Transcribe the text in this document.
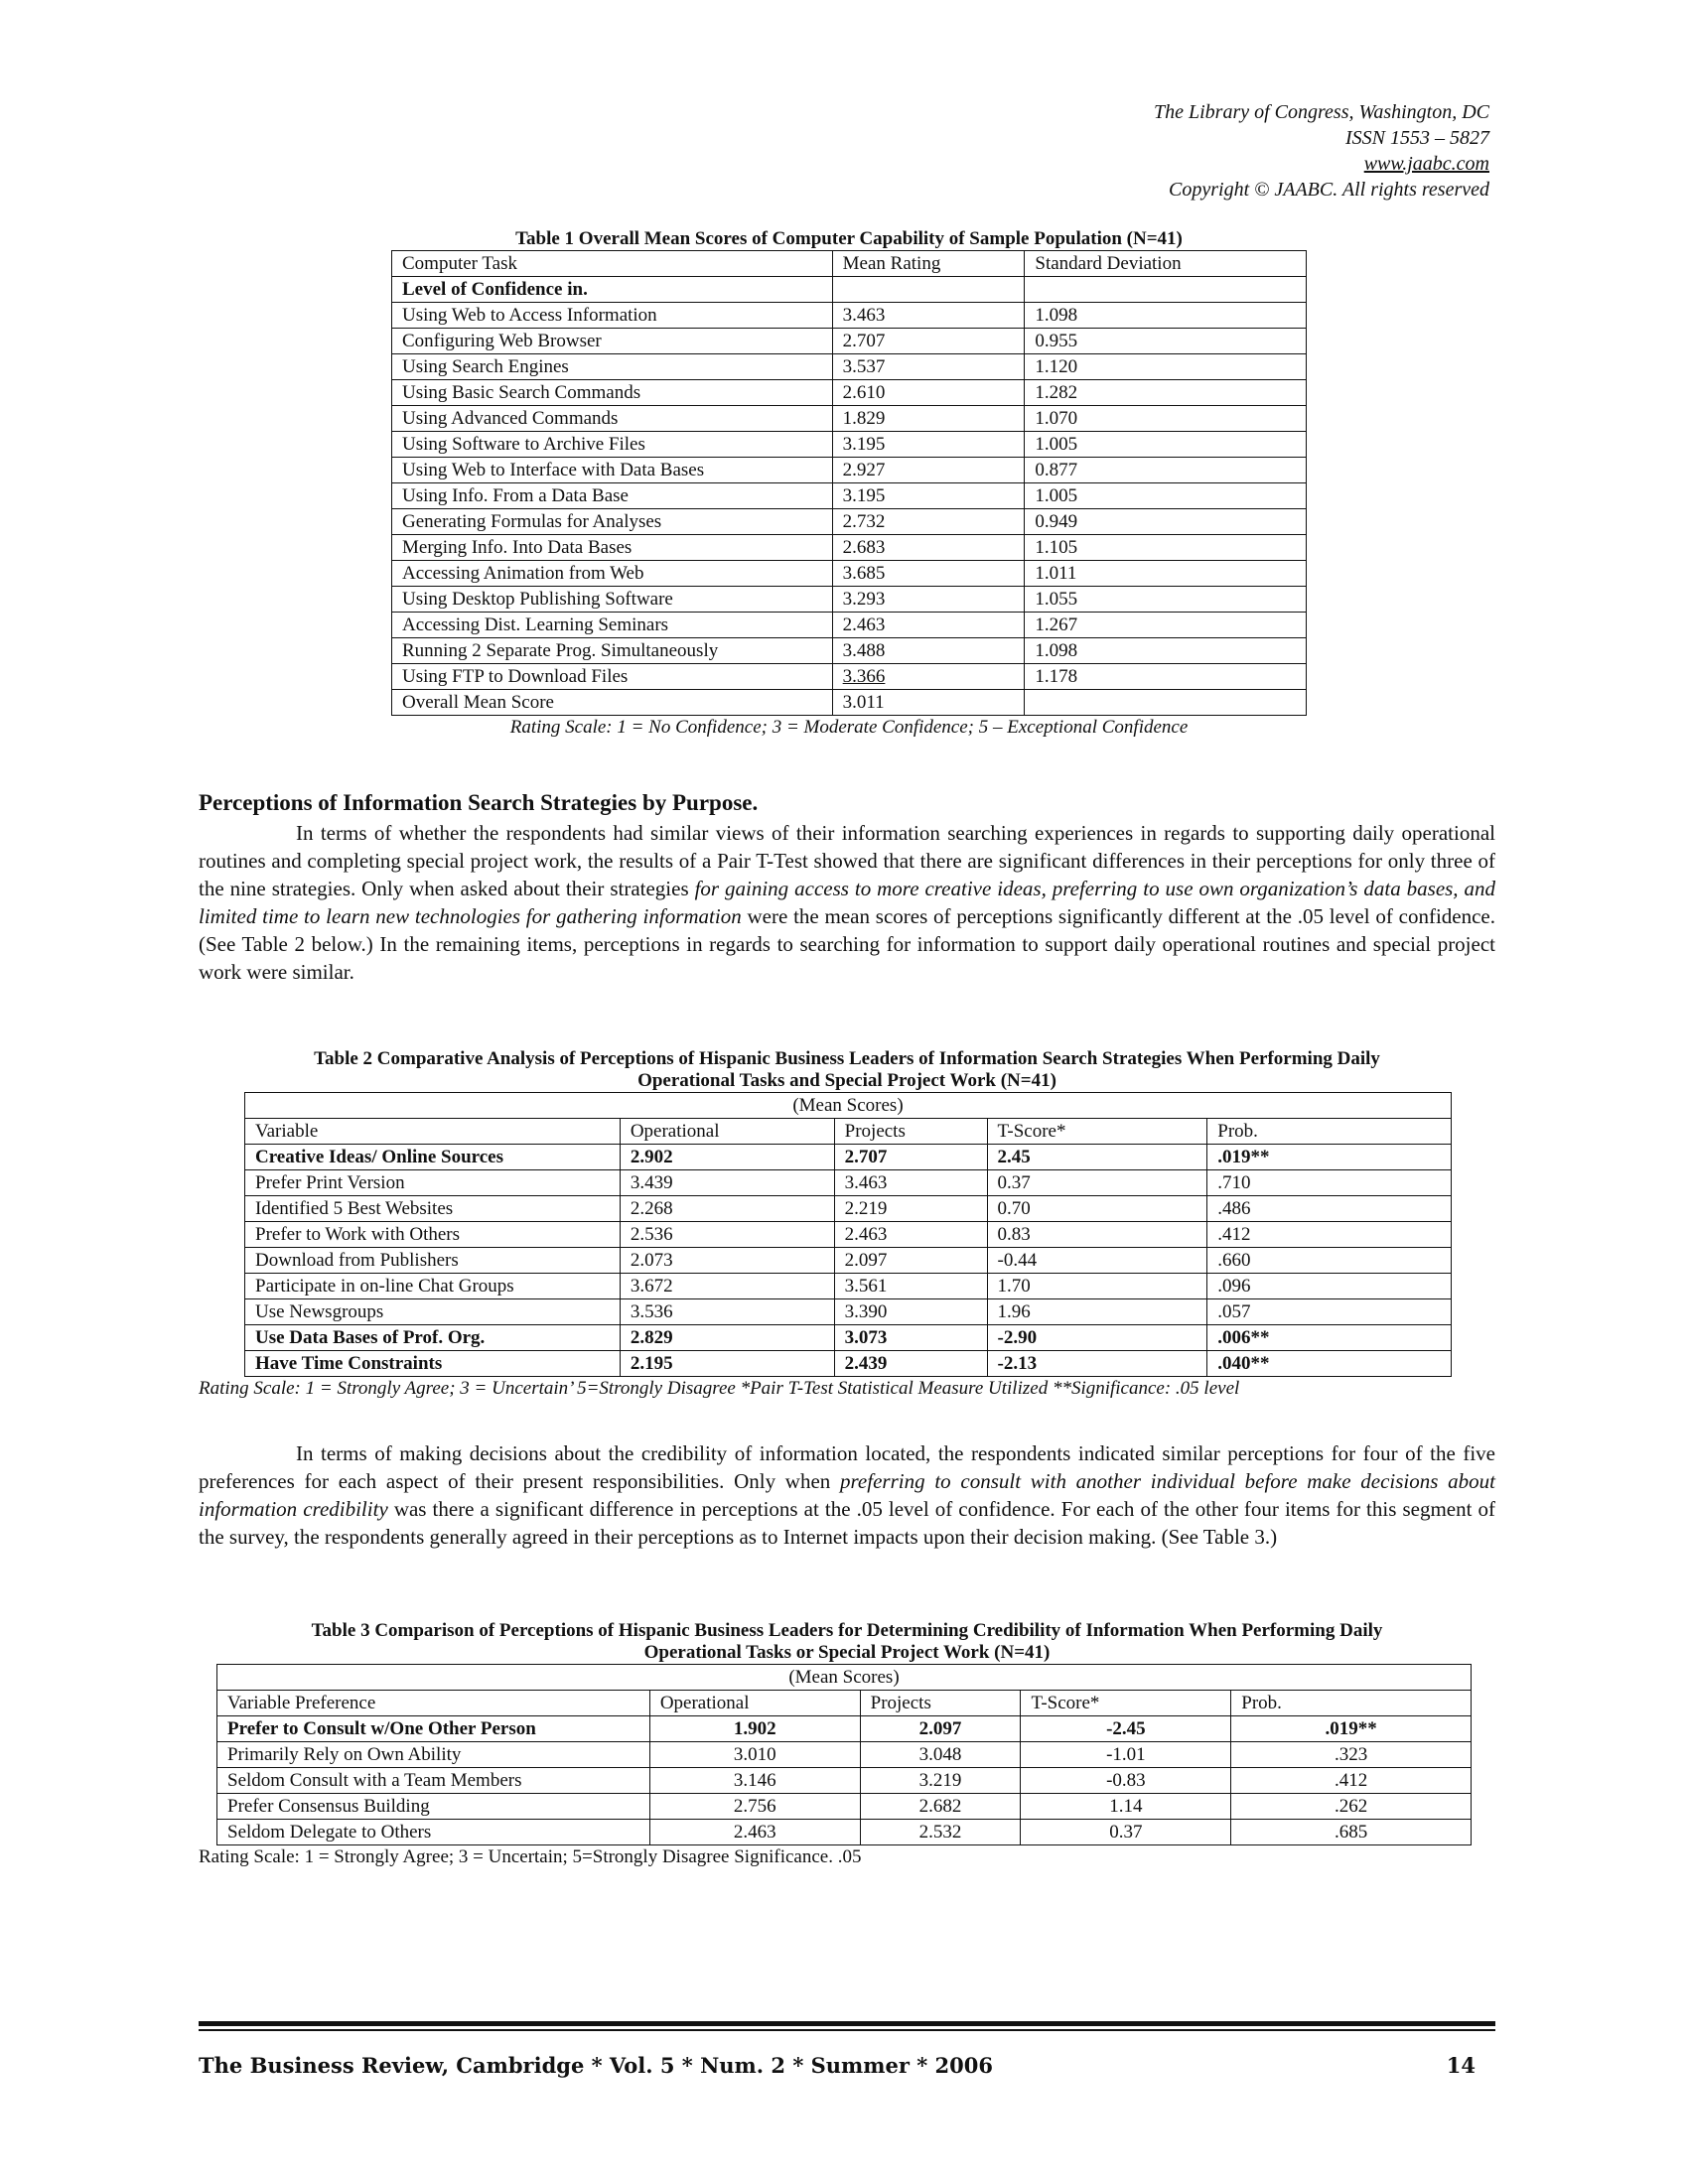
The Library of Congress, Washington, DC
ISSN 1553 – 5827
www.jaabc.com
Copyright © JAABC. All rights reserved
Table 1 Overall Mean Scores of Computer Capability of Sample Population (N=41)
Computer Task	Mean Rating	Standard Deviation
Level of Confidence in.		
Using Web to Access Information	3.463	1.098
Configuring Web Browser	2.707	0.955
Using Search Engines	3.537	1.120
Using Basic Search Commands	2.610	1.282
Using Advanced Commands	1.829	1.070
Using Software to Archive Files	3.195	1.005
Using Web to Interface with Data Bases	2.927	0.877
Using Info. From a Data Base	3.195	1.005
Generating Formulas for Analyses	2.732	0.949
Merging Info. Into Data Bases	2.683	1.105
Accessing Animation from Web	3.685	1.011
Using Desktop Publishing Software	3.293	1.055
Accessing Dist. Learning Seminars	2.463	1.267
Running 2 Separate Prog. Simultaneously	3.488	1.098
Using FTP to Download Files	3.366	1.178
Overall Mean Score	3.011	
Rating Scale: 1 = No Confidence; 3 = Moderate Confidence; 5 – Exceptional Confidence
Perceptions of Information Search Strategies by Purpose.
In terms of whether the respondents had similar views of their information searching experiences in regards to supporting daily operational routines and completing special project work, the results of a Pair T-Test showed that there are significant differences in their perceptions for only three of the nine strategies. Only when asked about their strategies for gaining access to more creative ideas, preferring to use own organization’s data bases, and limited time to learn new technologies for gathering information were the mean scores of perceptions significantly different at the .05 level of confidence. (See Table 2 below.) In the remaining items, perceptions in regards to searching for information to support daily operational routines and special project work were similar.
Table 2 Comparative Analysis of Perceptions of Hispanic Business Leaders of Information Search Strategies When Performing Daily
Operational Tasks and Special Project Work (N=41)
(Mean Scores)				
Variable	Operational	Projects	T-Score*	Prob.
Creative Ideas/ Online Sources	2.902	2.707	2.45	.019**
Prefer Print Version	3.439	3.463	0.37	.710
Identified 5 Best Websites	2.268	2.219	0.70	.486
Prefer to Work with Others	2.536	2.463	0.83	.412
Download from Publishers	2.073	2.097	-0.44	.660
Participate in on-line Chat Groups	3.672	3.561	1.70	.096
Use Newsgroups	3.536	3.390	1.96	.057
Use Data Bases of Prof. Org.	2.829	3.073	-2.90	.006**
Have Time Constraints	2.195	2.439	-2.13	.040**
Rating Scale: 1 = Strongly Agree; 3 = Uncertain’ 5=Strongly Disagree *Pair T-Test Statistical Measure Utilized **Significance: .05 level
In terms of making decisions about the credibility of information located, the respondents indicated similar perceptions for four of the five preferences for each aspect of their present responsibilities. Only when preferring to consult with another individual before make decisions about information credibility was there a significant difference in perceptions at the .05 level of confidence. For each of the other four items for this segment of the survey, the respondents generally agreed in their perceptions as to Internet impacts upon their decision making. (See Table 3.)
Table 3 Comparison of Perceptions of Hispanic Business Leaders for Determining Credibility of Information When Performing Daily
Operational Tasks or Special Project Work (N=41)
(Mean Scores)				
Variable Preference	Operational	Projects	T-Score*	Prob.
Prefer to Consult w/One Other Person	1.902	2.097	-2.45	.019**
Primarily Rely on Own Ability	3.010	3.048	-1.01	.323
Seldom Consult with a Team Members	3.146	3.219	-0.83	.412
Prefer Consensus Building	2.756	2.682	1.14	.262
Seldom Delegate to Others	2.463	2.532	0.37	.685
Rating Scale: 1 = Strongly Agree; 3 = Uncertain; 5=Strongly Disagree Significance. .05
The Business Review, Cambridge * Vol. 5 * Num. 2 * Summer * 2006	14
